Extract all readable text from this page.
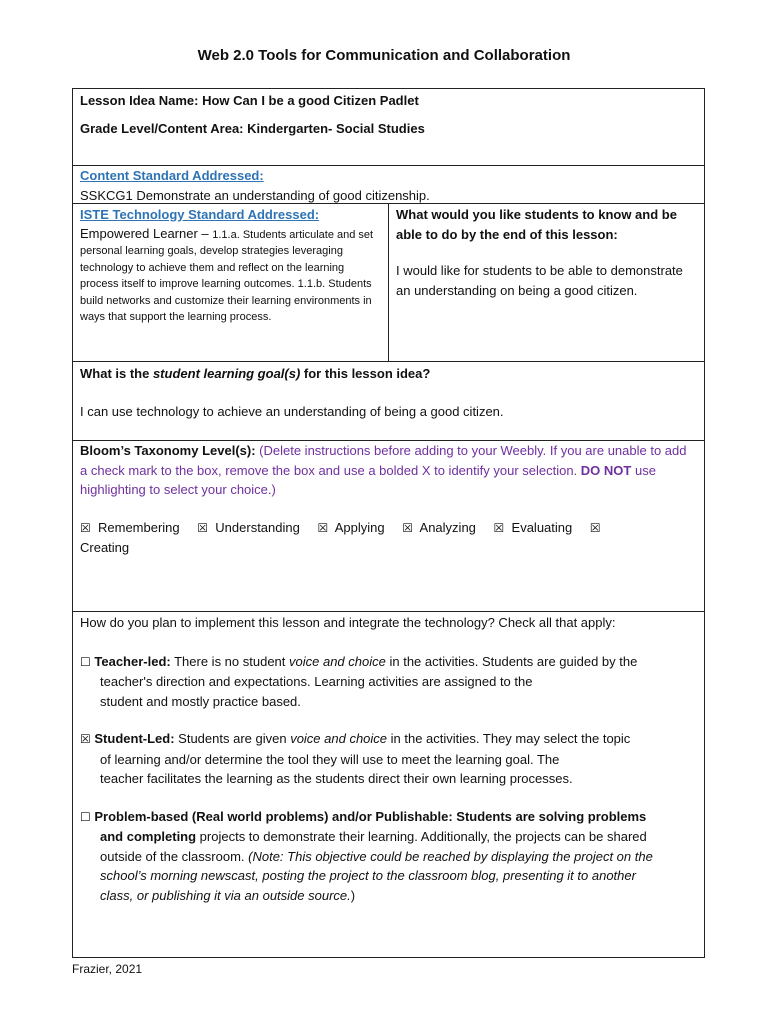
Web 2.0 Tools for Communication and Collaboration

Lesson Idea Name: How Can I be a good Citizen Padlet

Grade Level/Content Area: Kindergarten- Social Studies

Content Standard Addressed:

SSKCG1 Demonstrate an understanding of good citizenship.

ISTE Technology Standard Addressed:

Empowered Learner – 1.1.a. Students articulate and set personal learning goals, develop strategies leveraging technology to achieve them and reflect on the learning process itself to improve learning outcomes. 1.1.b. Students build networks and customize their learning environments in ways that support the learning process.

What would you like students to know and be able to do by the end of this lesson:

I would like for students to be able to demonstrate an understanding on being a good citizen.

What is the student learning goal(s) for this lesson idea?

I can use technology to achieve an understanding of being a good citizen.

Bloom’s Taxonomy Level(s): (Delete instructions before adding to your Weebly. If you are unable to add a check mark to the box, remove the box and use a bolded X to identify your selection. DO NOT use highlighting to select your choice.)

☒ Remembering ☒ Understanding ☒ Applying ☒ Analyzing ☒ Evaluating ☒
Creating

How do you plan to implement this lesson and integrate the technology? Check all that apply:

☐ Teacher-led: There is no student voice and choice in the activities. Students are guided by the

teacher's direction and expectations. Learning activities are assigned to the

student and mostly practice based.

☒ Student-Led: Students are given voice and choice in the activities. They may select the topic

of learning and/or determine the tool they will use to meet the learning goal. The

teacher facilitates the learning as the students direct their own learning processes.

☐ Problem-based (Real world problems) and/or Publishable: Students are solving problems

and completing projects to demonstrate their learning. Additionally, the projects can be shared

outside of the classroom. (Note: This objective could be reached by displaying the project on the

school’s morning newscast, posting the project to the classroom blog, presenting it to another

class, or publishing it via an outside source.)

Frazier, 2021
